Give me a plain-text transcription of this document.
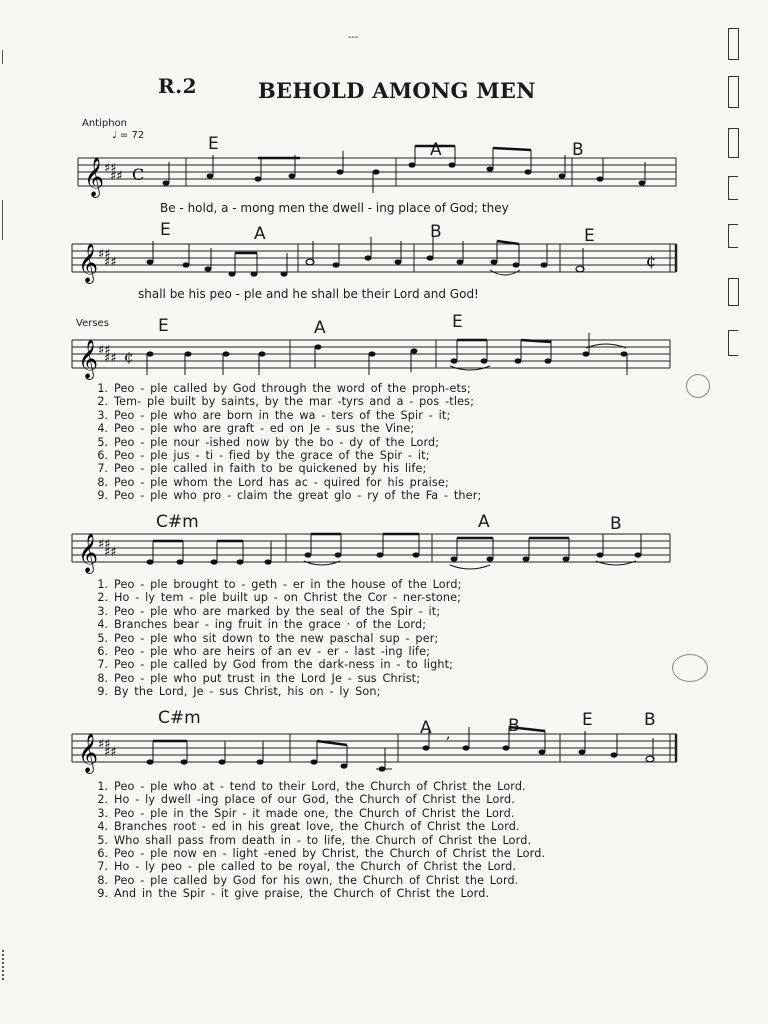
---
R.2	BEHOLD AMONG MEN
Antiphon
♩ = 72	E	A	B
𝄞 ♯♯
♯♯ C
Be - hold, a - mong men the dwell - ing place of God; they
E	A	B	E
𝄞 ♯♯
♯♯	¢
shall be his peo - ple and he shall be their Lord and God!
Verses	E	A	E
𝄞 ♯♯
♯♯ ¢
1. Peo - ple called by God through the word of the proph-ets;
2. Tem- ple built by saints, by the mar -tyrs and a - pos -tles;
3. Peo - ple who are born in the wa - ters of the Spir - it;
4. Peo - ple who are graft - ed on Je - sus the Vine;
5. Peo - ple nour -ished now by the bo - dy of the Lord;
6. Peo - ple jus - ti - fied by the grace of the Spir - it;
7. Peo - ple called in faith to be quickened by his life;
8. Peo - ple whom the Lord has ac - quired for his praise;
9. Peo - ple who pro - claim the great glo - ry of the Fa - ther;
C#m	A	B
𝄞 ♯♯
♯♯
1. Peo - ple brought to - geth - er in the house of the Lord;
2. Ho - ly tem - ple built up - on Christ the Cor - ner-stone;
3. Peo - ple who are marked by the seal of the Spir - it;
4. Branches bear - ing fruit in the grace · of the Lord;
5. Peo - ple who sit down to the new paschal sup - per;
6. Peo - ple who are heirs of an ev - er - last -ing life;
7. Peo - ple called by God from the dark-ness in - to light;
8. Peo - ple who put trust in the Lord Je - sus Christ;
9. By the Lord, Je - sus Christ, his on - ly Son;
C#m	A	B	E	B
𝄞 ♯♯
♯♯
,
1. Peo - ple who at - tend to their Lord, the Church of Christ the Lord.
2. Ho - ly dwell -ing place of our God, the Church of Christ the Lord.
3. Peo - ple in the Spir - it made one, the Church of Christ the Lord.
4. Branches root - ed in his great love, the Church of Christ the Lord.
5. Who shall pass from death in - to life, the Church of Christ the Lord.
6. Peo - ple now en - light -ened by Christ, the Church of Christ the Lord.
7. Ho - ly peo - ple called to be royal, the Church of Christ the Lord.
8. Peo - ple called by God for his own, the Church of Christ the Lord.
9. And in the Spir - it give praise, the Church of Christ the Lord.
